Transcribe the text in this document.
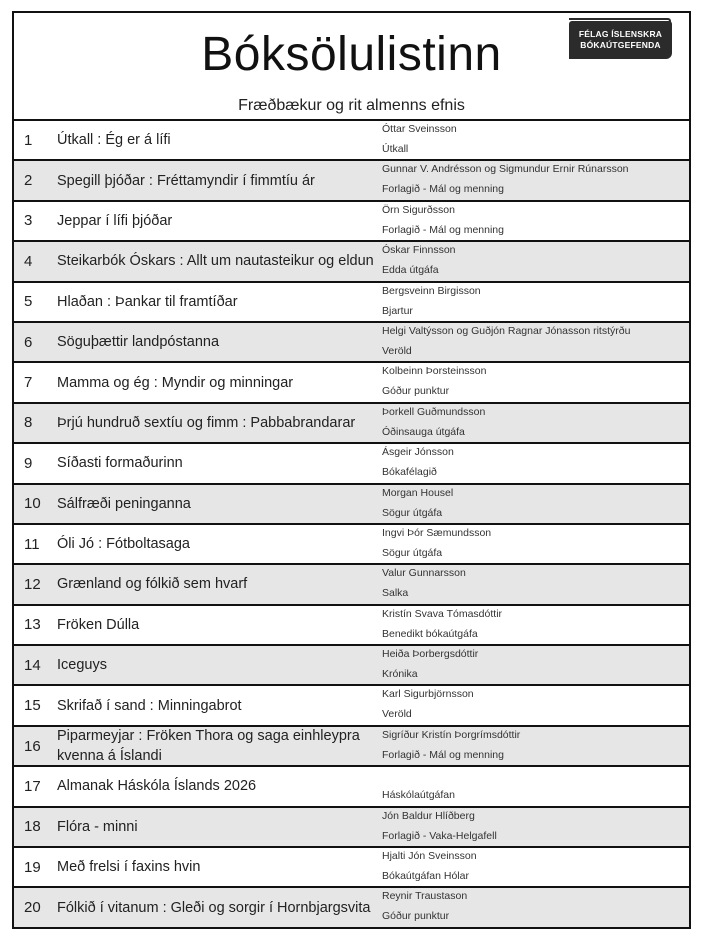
Bóksölulistinn
Fræðbækur og rit almenns efnis
FÉLAG ÍSLENSKRA
BÓKAÚTGEFENDA
1 Útkall : Ég er á lífi
Óttar Sveinsson
Útkall
2 Spegill þjóðar : Fréttamyndir í fimmtíu ár
Gunnar V. Andrésson og Sigmundur Ernir Rúnarsson
Forlagið - Mál og menning
3 Jeppar í lífi þjóðar
Örn Sigurðsson
Forlagið - Mál og menning
4 Steikarbók Óskars : Allt um nautasteikur og eldun
Óskar Finnsson
Edda útgáfa
5 Hlaðan : Þankar til framtíðar
Bergsveinn Birgisson
Bjartur
6 Söguþættir landpóstanna
Helgi Valtýsson og Guðjón Ragnar Jónasson ritstýrðu
Veröld
7 Mamma og ég : Myndir og minningar
Kolbeinn Þorsteinsson
Góður punktur
8 Þrjú hundruð sextíu og fimm : Pabbabrandarar
Þorkell Guðmundsson
Óðinsauga útgáfa
9 Síðasti formaðurinn
Ásgeir Jónsson
Bókafélagið
10 Sálfræði peninganna
Morgan Housel
Sögur útgáfa
11 Óli Jó : Fótboltasaga
Ingvi Þór Sæmundsson
Sögur útgáfa
12 Grænland og fólkið sem hvarf
Valur Gunnarsson
Salka
13 Fröken Dúlla
Kristín Svava Tómasdóttir
Benedikt bókaútgáfa
14 Iceguys
Heiða Þorbergsdóttir
Krónika
15 Skrifað í sand : Minningabrot
Karl Sigurbjörnsson
Veröld
16
Piparmeyjar : Fröken Thora og saga einhleypra kvenna á Íslandi
Sigríður Kristín Þorgrímsdóttir
Forlagið - Mál og menning
17 Almanak Háskóla Íslands 2026
Háskólaútgáfan
18 Flóra - minni
Jón Baldur Hlíðberg
Forlagið - Vaka-Helgafell
19 Með frelsi í faxins hvin
Hjalti Jón Sveinsson
Bókaútgáfan Hólar
20 Fólkið í vitanum : Gleði og sorgir í Hornbjargsvita
Reynir Traustason
Góður punktur
